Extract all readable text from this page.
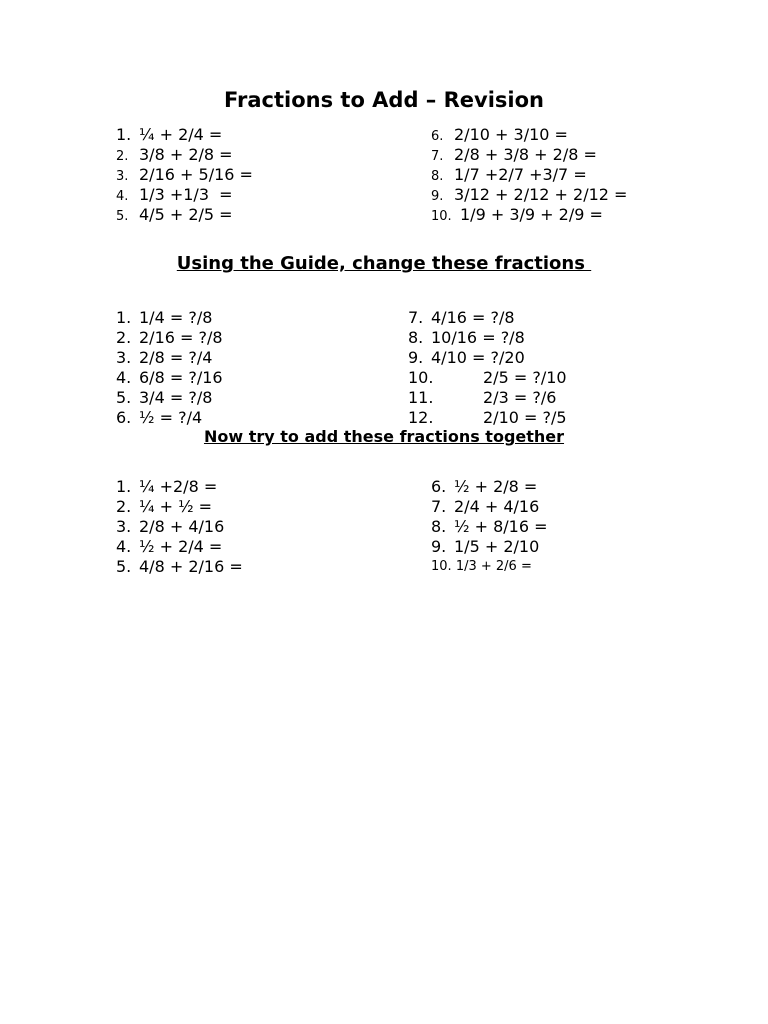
Fractions to Add – Revision
1. ¼ + 2/4 =
2. 3/8 + 2/8 =
3. 2/16 + 5/16 =
4. 1/3 +1/3  =
5. 4/5 + 2/5 =
6. 2/10 + 3/10 =
7. 2/8 + 3/8 + 2/8 =
8. 1/7 +2/7 +3/7 =
9. 3/12 + 2/12 + 2/12 =
10. 1/9 + 3/9 + 2/9 =
Using the Guide, change these fractions
1. 1/4 = ?/8
2. 2/16 = ?/8
3. 2/8 = ?/4
4. 6/8 = ?/16
5. 3/4 = ?/8
6. ½ = ?/4
7. 4/16 = ?/8
8. 10/16 = ?/8
9. 4/10 = ?/20
10.	2/5 = ?/10
11.	2/3 = ?/6
12.	2/10 = ?/5
Now try to add these fractions together
1. ¼ +2/8 =
2. ¼ + ½ =
3. 2/8 + 4/16
4. ½ + 2/4 =
5. 4/8 + 2/16 =
6. ½ + 2/8 =
7. 2/4 + 4/16
8. ½ + 8/16 =
9. 1/5 + 2/10
10. 1/3 + 2/6 =
